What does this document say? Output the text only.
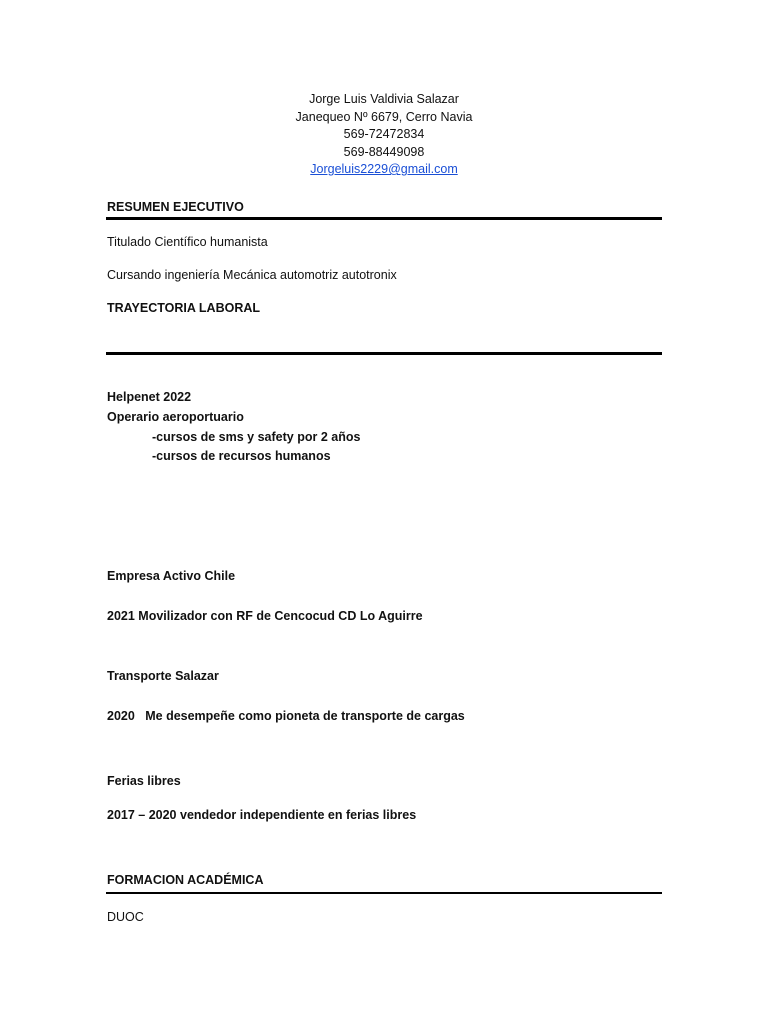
Jorge Luis Valdivia Salazar
Janequeo Nº 6679, Cerro Navia
569-72472834
569-88449098
Jorgeluis2229@gmail.com
RESUMEN EJECUTIVO
Titulado Científico humanista
Cursando ingeniería Mecánica automotriz autotronix
TRAYECTORIA LABORAL
Helpenet 2022
Operario aeroportuario
-cursos de sms y safety por 2 años
-cursos de recursos humanos
Empresa Activo Chile
2021 Movilizador con RF de Cencocud CD Lo Aguirre
Transporte Salazar
2020   Me desempeñe como pioneta de transporte de cargas
Ferias libres
2017 – 2020 vendedor independiente en ferias libres
FORMACION ACADÉMICA
DUOC
